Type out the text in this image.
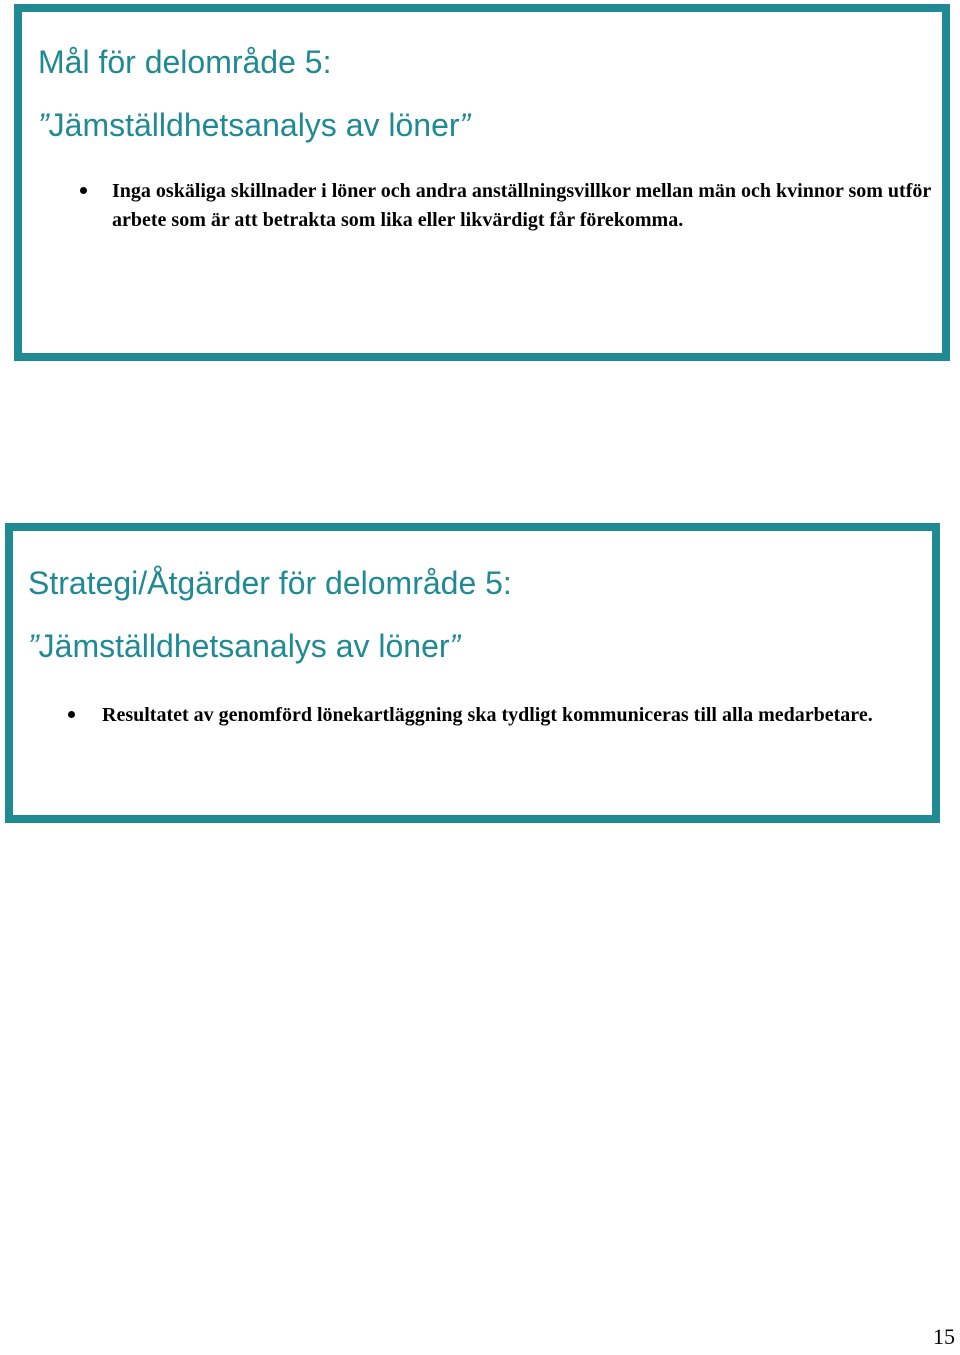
Mål för delområde 5:
”Jämställdhetsanalys av löner”
Inga oskäliga skillnader i löner och andra anställningsvillkor mellan män och kvinnor som utför arbete som är att betrakta som lika eller likvärdigt får förekomma.
Strategi/Åtgärder för delområde 5:
”Jämställdhetsanalys av löner”
Resultatet av genomförd lönekartläggning ska tydligt kommuniceras till alla medarbetare.
15
